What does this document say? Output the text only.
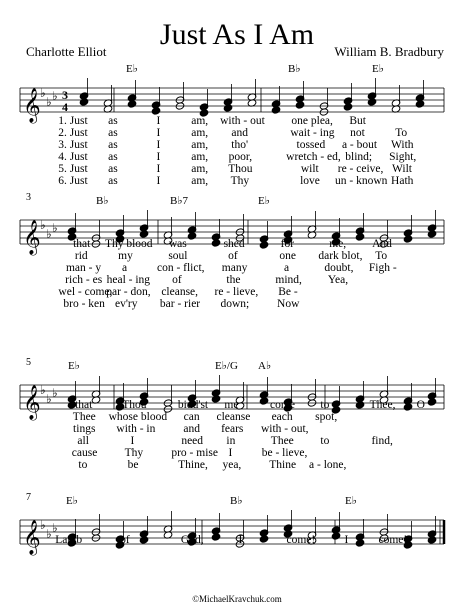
Just As I Am
Charlotte Elliot	William B. Bradbury
𝄞 ♭
♭ ♭ 3
4
E♭	B♭	E♭
1. Just as	I	am, with - out one plea, But
2. Just as	I	am, and	wait - ing not	To
3. Just as	I	am, tho'	tossed a - bout With
4. Just as	I	am, poor,	wretch - ed, blind; Sight,
5. Just as	I	am, Thou	wilt re - ceive, Wilt
6. Just as	I	am, Thy	love un - known Hath
𝄞 ♭
♭ ♭
3	B♭	B♭7	E♭
that Thy blood was	shed	for	me, And
rid	my	soul	of	one dark blot, To
man - y a	con - flict, many	a	doubt, Figh -
rich - es heal - ing of	the	mind, Yea,
wel - come,
par - don, cleanse, re - lieve, Be -
bro - ken ev'ry bar - rier down; Now
𝄞 ♭
♭ ♭
5	E♭	E♭/G A♭
that	Thou	bidd'st me	come to	Thee, O
Thee whose blood can cleanse each spot,
tings with - in and fears with - out,
all	I	need in	Thee to	find,
cause Thy pro - mise I	be - lieve,
to	be	Thine, yea, Thine a - lone,
𝄞 ♭
♭ ♭
7	E♭	B♭	E♭
Lamb	of	God,	I	come!	I	come!
©MichaelKravchuk.com
